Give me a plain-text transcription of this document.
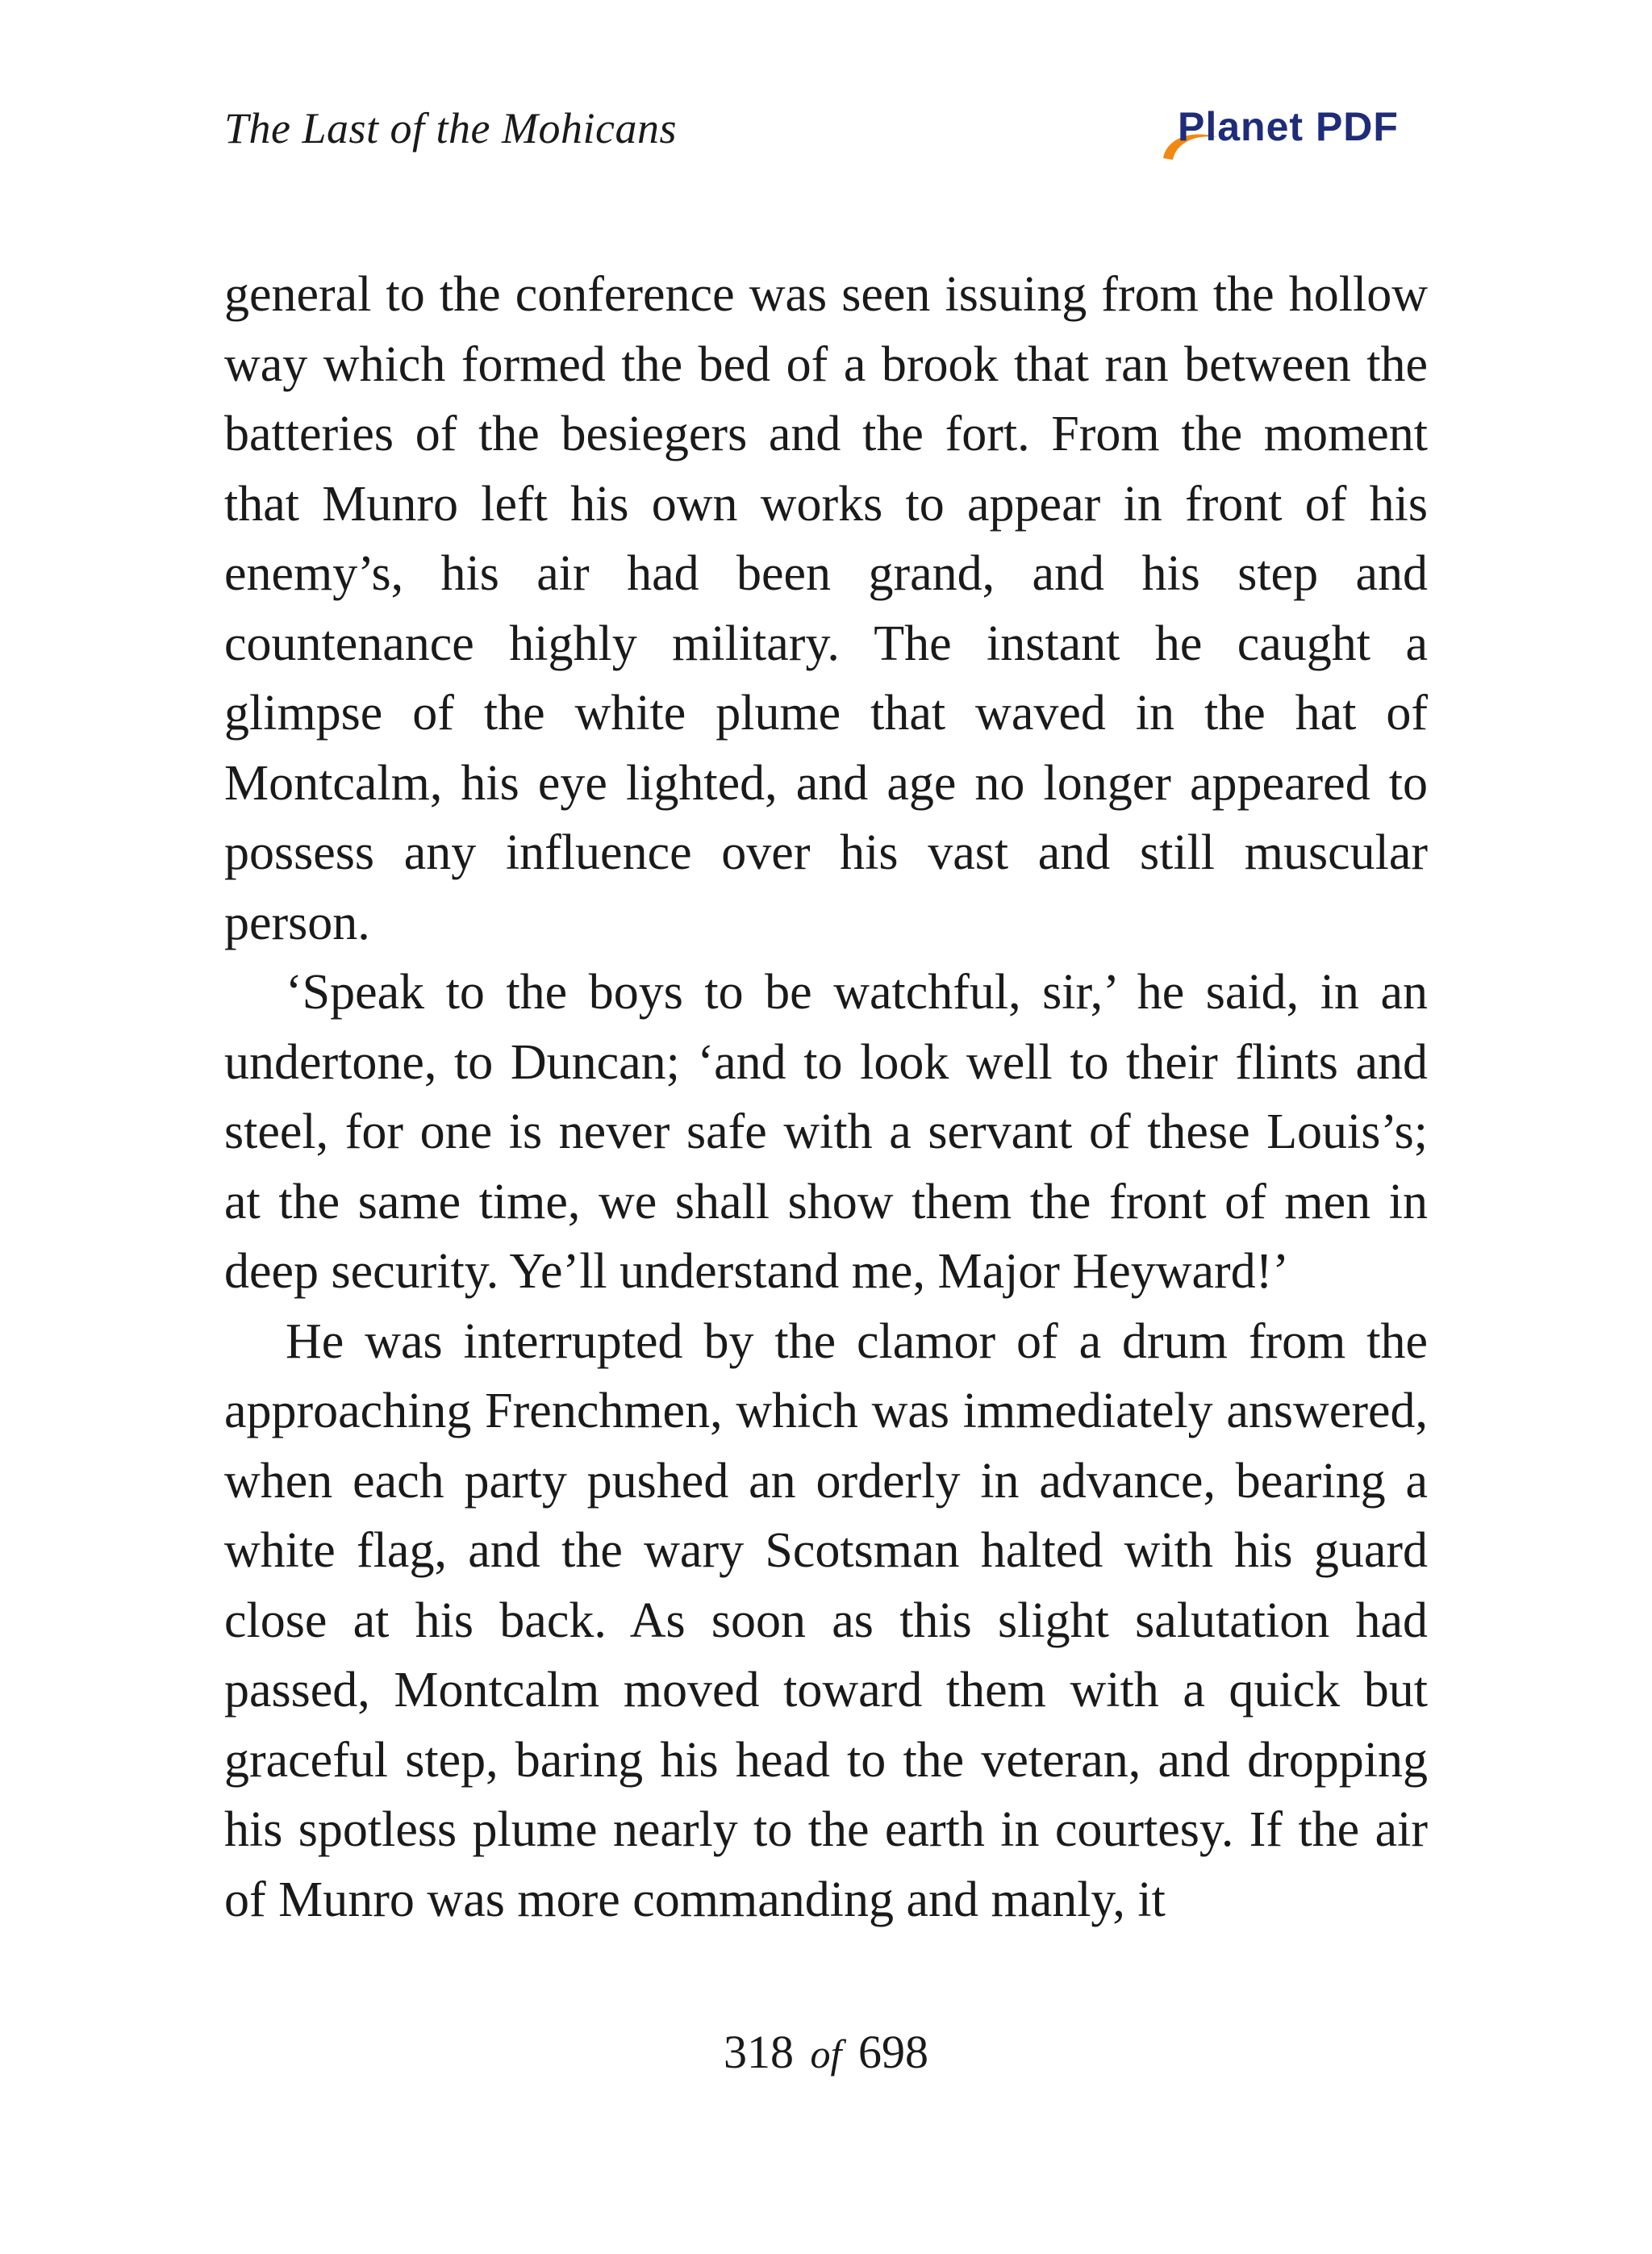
The Last of the Mohicans	Planet PDF

general to the conference was seen issuing from the hollow way which formed the bed of a brook that ran between the batteries of the besiegers and the fort. From the moment that Munro left his own works to appear in front of his enemy’s, his air had been grand, and his step and countenance highly military. The instant he caught a glimpse of the white plume that waved in the hat of Montcalm, his eye lighted, and age no longer appeared to possess any influence over his vast and still muscular person.

‘Speak to the boys to be watchful, sir,’ he said, in an undertone, to Duncan; ‘and to look well to their flints and steel, for one is never safe with a servant of these Louis’s; at the same time, we shall show them the front of men in deep security. Ye’ll understand me, Major Heyward!’

He was interrupted by the clamor of a drum from the approaching Frenchmen, which was immediately answered, when each party pushed an orderly in advance, bearing a white flag, and the wary Scotsman halted with his guard close at his back. As soon as this slight salutation had passed, Montcalm moved toward them with a quick but graceful step, baring his head to the veteran, and dropping his spotless plume nearly to the earth in courtesy. If the air of Munro was more commanding and manly, it

318 of 698
